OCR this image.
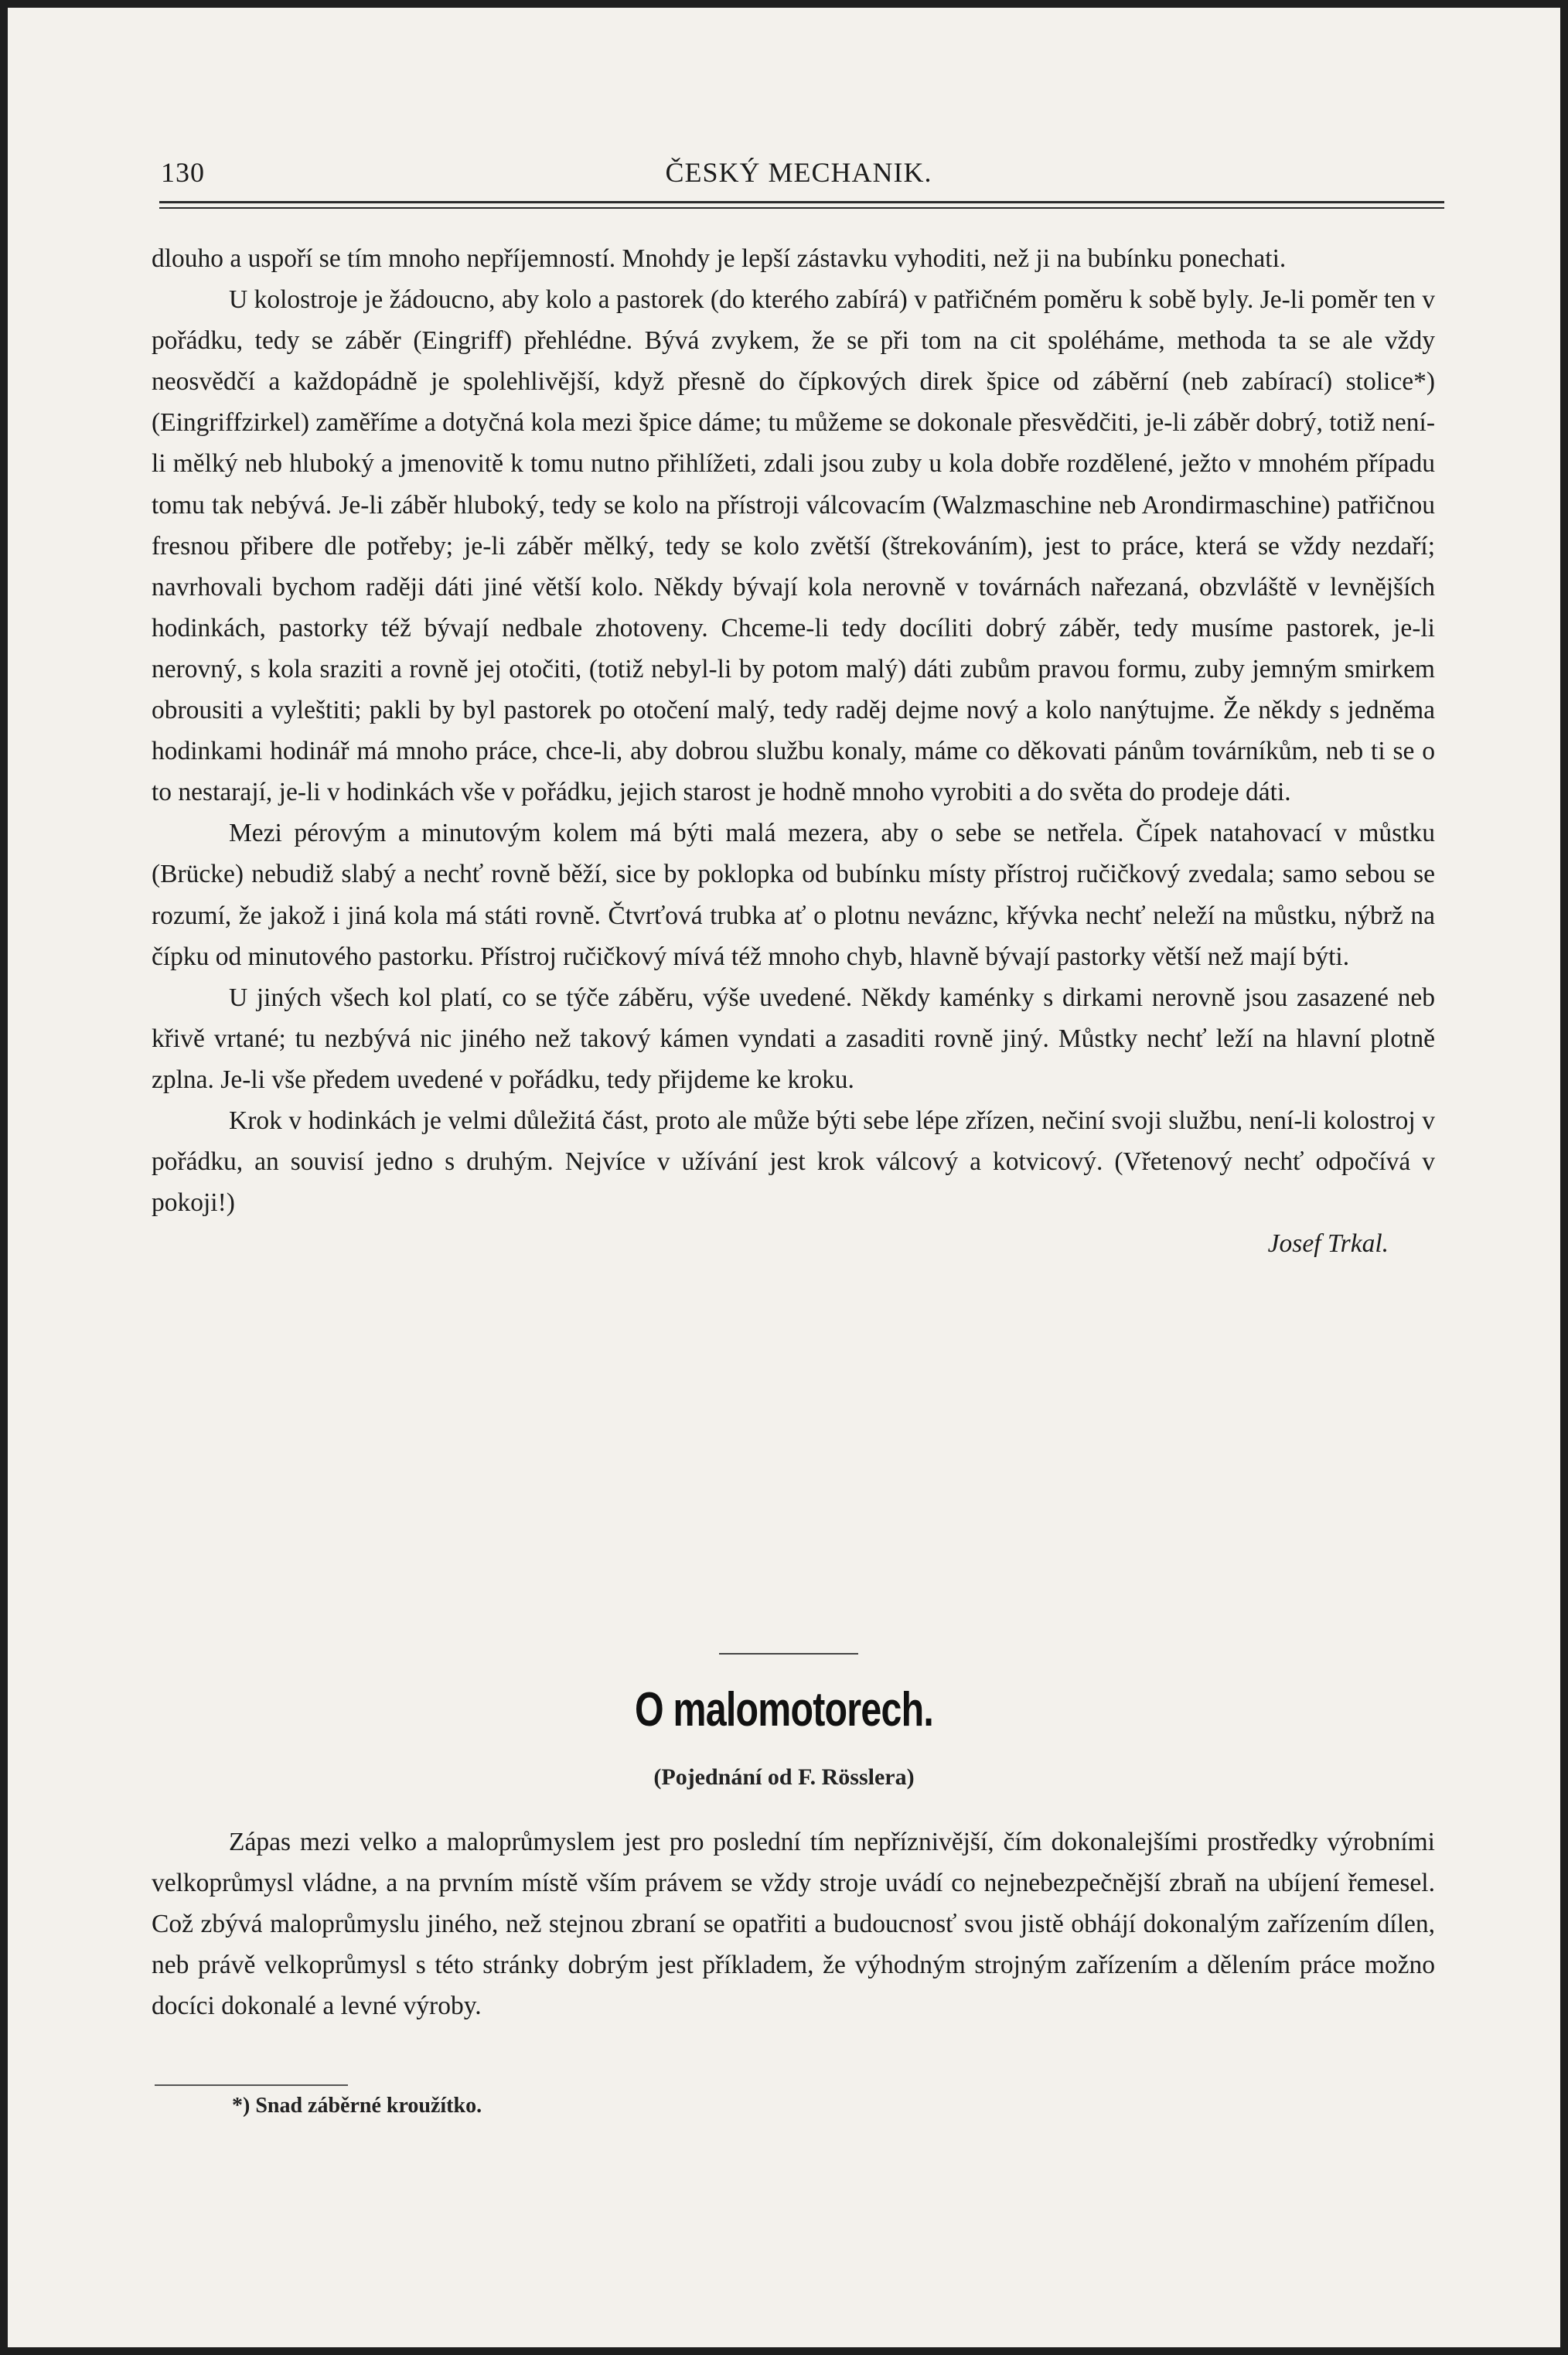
130	ČESKÝ MECHANIK.

dlouho a uspoří se tím mnoho nepříjemností. Mnohdy je lepší zástavku vyhoditi, než ji na bubínku ponechati.

U kolostroje je žádoucno, aby kolo a pastorek (do kterého zabírá) v patřičném poměru k sobě byly. Je-li poměr ten v pořádku, tedy se záběr (Eingriff) přehlédne. Bývá zvykem, že se při tom na cit spoléháme, methoda ta se ale vždy neosvědčí a každopádně je spolehlivější, když přesně do čípkových direk špice od záběrní (neb zabírací) stolice*) (Eingriffzirkel) zaměříme a dotyčná kola mezi špice dáme; tu můžeme se dokonale přesvědčiti, je-li záběr dobrý, totiž není-li mělký neb hluboký a jmenovitě k tomu nutno přihlížeti, zdali jsou zuby u kola dobře rozdělené, ježto v mnohém případu tomu tak nebývá. Je-li záběr hluboký, tedy se kolo na přístroji válcovacím (Walzmaschine neb Arondirmaschine) patřičnou fresnou přibere dle potřeby; je-li záběr mělký, tedy se kolo zvětší (štrekováním), jest to práce, která se vždy nezdaří; navrhovali bychom raději dáti jiné větší kolo. Někdy bývají kola nerovně v továrnách nařezaná, obzvláště v levnějších hodinkách, pastorky též bývají nedbale zhotoveny. Chceme-li tedy docíliti dobrý záběr, tedy musíme pastorek, je-li nerovný, s kola sraziti a rovně jej otočiti, (totiž nebyl-li by potom malý) dáti zubům pravou formu, zuby jemným smirkem obrousiti a vyleštiti; pakli by byl pastorek po otočení malý, tedy raděj dejme nový a kolo nanýtujme. Že někdy s jedněma hodinkami hodinář má mnoho práce, chce-li, aby dobrou službu konaly, máme co děkovati pánům továrníkům, neb ti se o to nestarají, je-li v hodinkách vše v pořádku, jejich starost je hodně mnoho vyrobiti a do světa do prodeje dáti.

Mezi pérovým a minutovým kolem má býti malá mezera, aby o sebe se netřela. Čípek natahovací v můstku (Brücke) nebudiž slabý a nechť rovně běží, sice by poklopka od bubínku místy přístroj ručičkový zvedala; samo sebou se rozumí, že jakož i jiná kola má státi rovně. Čtvrťová trubka ať o plotnu neváznc, křývka nechť neleží na můstku, nýbrž na čípku od minutového pastorku. Přístroj ručičkový mívá též mnoho chyb, hlavně bývají pastorky větší než mají býti.

U jiných všech kol platí, co se týče záběru, výše uvedené. Někdy kaménky s dirkami nerovně jsou zasazené neb křivě vrtané; tu nezbývá nic jiného než takový kámen vyndati a zasaditi rovně jiný. Můstky nechť leží na hlavní plotně zplna. Je-li vše předem uvedené v pořádku, tedy přijdeme ke kroku.

Krok v hodinkách je velmi důležitá část, proto ale může býti sebe lépe zřízen, nečiní svoji službu, není-li kolostroj v pořádku, an souvisí jedno s druhým. Nejvíce v užívání jest krok válcový a kotvicový. (Vřetenový nechť odpočívá v pokoji!)

Josef Trkal.

O malomotorech.
(Pojednání od F. Rösslera)

Zápas mezi velko a maloprůmyslem jest pro poslední tím nepříznivější, čím dokonalejšími prostředky výrobními velkoprůmysl vládne, a na prvním místě vším právem se vždy stroje uvádí co nejnebezpečnější zbraň na ubíjení řemesel. Což zbývá maloprůmyslu jiného, než stejnou zbraní se opatřiti a budoucnosť svou jistě obhájí dokonalým zařízením dílen, neb právě velkoprůmysl s této stránky dobrým jest příkladem, že výhodným strojným zařízením a dělením práce možno docíci dokonalé a levné výroby.

*) Snad záběrné kroužítko.
